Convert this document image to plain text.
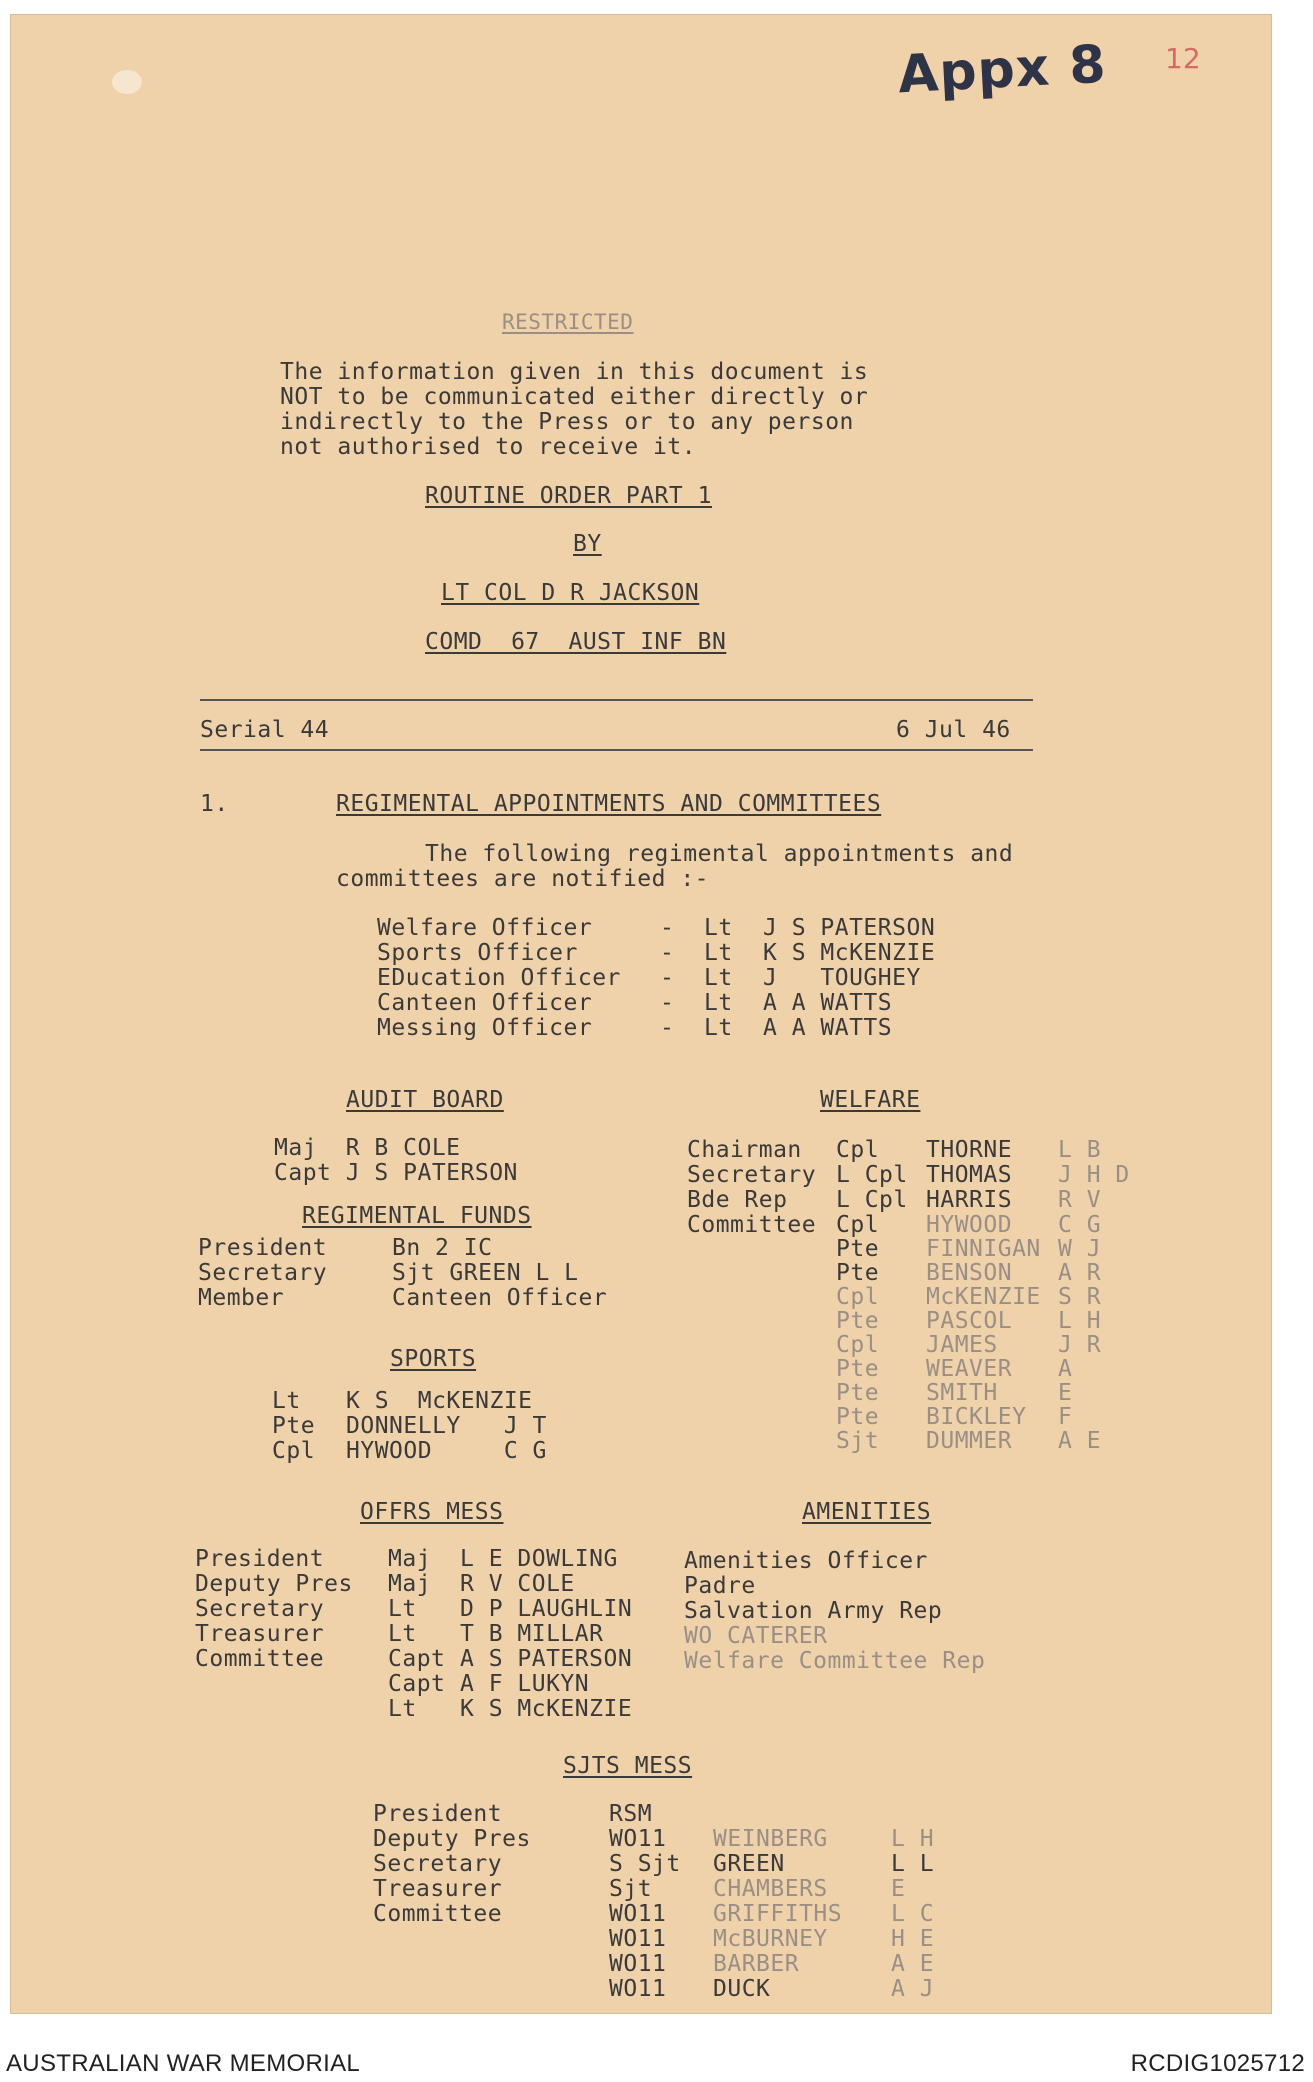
Appx 8 12
RESTRICTED
The information given in this document is
NOT to be communicated either directly or
indirectly to the Press or to any person
not authorised to receive it.
ROUTINE ORDER PART 1
BY
LT COL D R JACKSON
COMD  67  AUST INF BN
Serial 44	6 Jul 46
1.	REGIMENTAL APPOINTMENTS AND COMMITTEES
The following regimental appointments and
committees are notified :-
Welfare Officer	- Lt J S PATERSON
Sports Officer	- Lt K S McKENZIE
EDucation Officer - Lt J   TOUGHEY
Canteen Officer	- Lt A A WATTS
Messing Officer	- Lt A A WATTS
AUDIT BOARD
Maj  R B COLE
Capt J S PATERSON
REGIMENTAL FUNDS
President	Bn 2 IC
Secretary	Sjt GREEN L L
Member	Canteen Officer
SPORTS
Lt K S  McKENZIE
Pte DONNELLY   J T
Cpl HYWOOD     C G
WELFARE
Chairman Cpl THORNE L B
Secretary L Cpl THOMAS J H D
Bde Rep L Cpl HARRIS R V
Committee Cpl HYWOOD C G
Pte FINNIGAN W J
Pte BENSON A R
Cpl McKENZIE S R
Pte PASCOL L H
Cpl JAMES	J R
Pte WEAVER A
Pte SMITH	E
Pte BICKLEY F
Sjt DUMMER A E
OFFRS MESS
President	Maj L E DOWLING
Deputy Pres Maj R V COLE
Secretary	Lt D P LAUGHLIN
Treasurer	Lt T B MILLAR
Committee	Capt A S PATERSON
Capt A F LUKYN
Lt K S McKENZIE
AMENITIES
Amenities Officer
Padre
Salvation Army Rep
WO CATERER
Welfare Committee Rep
SJTS MESS
President	RSM
Deputy Pres	WO11 WEINBERG	L H
Secretary	S Sjt GREEN	L L
Treasurer	Sjt	CHAMBERS	E
Committee	WO11 GRIFFITHS L C
WO11 McBURNEY	H E
WO11 BARBER	A E
WO11 DUCK	A J
AUSTRALIAN WAR MEMORIAL	RCDIG1025712
